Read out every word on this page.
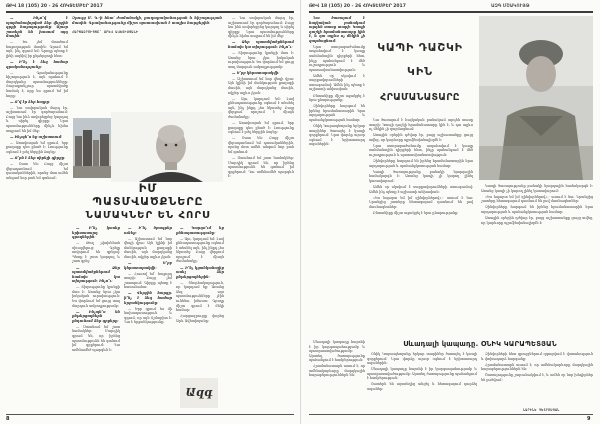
ԹԻՎ 18 (105) 20 - 26 ՀՈԿՏԵՄԲԵՐ 2017

— Ինչո՞վ է պայմանավորված ձեր վերջին գրքի հաջողությունը։ Այսօր շատերն են խոսում այդ մասին։

— Ես չեմ մտածում հաջողության մասին։ Գրում եմ այն, ինչ զգում եմ։ Գրողը պետք է լինի ազնիվ իր ընթերցողի հետ։

— Ի՞նչ է ձեզ համար գրականությունը։

— Գրականությունը հիշողություն է, այն պահում է մարդկանց պատմությունները։ Յուրաքանչյուր պատմվածք նամակ է, որը ես գրում եմ իմ հորը։

— Ո՞վ էր ձեր հայրը։

— Նա սովորական մարդ էր, աշխատում էր գործարանում։ Բայց նա ինձ սովորեցրեց կարդալ և սիրել գիրքը։ Նրա պատմությունները մինչև հիմա ապրում են իմ մեջ։

— Ինչպե՞ս եք աշխատում։

— Առավոտյան եմ գրում, երբ քաղաքը դեռ քնած է։ Լռությունը օգնում է լսել ներքին ձայնը։

— Ո՞րն է ձեր սիրելի գիրքը։

— Շատ են։ Բայց միշտ վերադառնում եմ դասականներին, որոնց մոտ ամեն անգամ նոր բան եմ գտնում։

Զրույց Մ. Կ.-ի հետ՝ ժամանակի, քաղաքականության և հիշողության մասին։ Գրականությունը միշտ պատասխան է տալիս հարցերին։
ՀԱՐՑԱԶՐՈՒՅՑԸ՝ ԱՐԵՎ ԱՎԵՏԻՍՅԱՆԻ
ԻՄ
ՊԱՏՄՎԱԾՔՆԵՐԸ
ՆԱՄԱԿՆԵՐ ԵՆ ՀՈՐՍ

— Ի՞նչ կասեք երիտասարդ գրողներին։

— Թող չվախենան սխալվելուց։ Գրելը սովորում են գրելով։ Պետք է շատ կարդալ և շատ գրել։

— Ձեր պատմվածքներում հաճախ կա տխրություն։ Ինչո՞ւ։

— Տխրությունը կյանքի մաս է։ Առանց նրա չկա իսկական ուրախություն։ Ես փորձում եմ ցույց տալ մարդուն ամբողջությամբ։

— Ինչպե՞ս են ընթերցողներն ընդունում ձեր գրքերը։

— Ստանում եմ շատ նամակներ։ Մարդիկ գրում են, որ իրենց պատմությունն են գտնում իմ գրքերում։ Դա ամենամեծ պարգևն է։

— Ի՞նչ ծրագրեր ունեք։

— Աշխատում եմ նոր վեպի վրա։ Այն կլինի իմ մանկության քաղաքի մասին, այն մարդկանց մասին, ովքեր այլևս չկան։

— Ե՞րբ կհրատարակվի։

— Հուսով եմ՝ հաջորդ տարի։ Բայց չեմ շտապում։ Գիրքը պետք է հասունանա։

— Վերջին հարցը. ի՞նչ է ձեզ համար երջանկությունը։

— Երբ գրում ես մի նախադասություն և զգում, որ այն ճշմարիտ է։ Դա է երջանկությունը։

— Կարդո՞ւմ եք քննադատությունը։

— Այո, կարդում եմ։ Լավ քննադատությունը օգնում է տեսնել այն, ինչ ինքդ չես նկատել։ Բայց վերջում որոշում է միայն ժամանակը։

— Ի՞նչ կցանկանայիք ասել ձեր ընթերցողներին։

— Շնորհակալություն, որ կարդում եք։ Առանց ձեզ այս պատմությունները չէին ունենա իմաստ։ Գրողը միշտ գրում է մեկի համար։

Հարցազրույցը վարեց Արև Ավետիսյանը։

Ազգ

— Նա սովորական մարդ էր, աշխատում էր գործարանում։ Բայց նա ինձ սովորեցրեց կարդալ և սիրել գիրքը։ Նրա պատմությունները մինչև հիմա ապրում են իմ մեջ։

— Ձեր պատմվածքներում հաճախ կա տխրություն։ Ինչո՞ւ։

— Տխրությունը կյանքի մաս է։ Առանց նրա չկա իսկական ուրախություն։ Ես փորձում եմ ցույց տալ մարդուն ամբողջությամբ։

— Ե՞րբ կհրատարակվի։

— Աշխատում եմ նոր վեպի վրա։ Այն կլինի իմ մանկության քաղաքի մասին, այն մարդկանց մասին, ովքեր այլևս չկան։

— Այո, կարդում եմ։ Լավ քննադատությունը օգնում է տեսնել այն, ինչ ինքդ չես նկատել։ Բայց վերջում որոշում է միայն ժամանակը։

— Առավոտյան եմ գրում, երբ քաղաքը դեռ քնած է։ Լռությունը օգնում է լսել ներքին ձայնը։

— Շատ են։ Բայց միշտ վերադառնում եմ դասականներին, որոնց մոտ ամեն անգամ նոր բան եմ գտնում։

— Ստանում եմ շատ նամակներ։ Մարդիկ գրում են, որ իրենց պատմությունն են գտնում իմ գրքերում։ Դա ամենամեծ պարգևն է։

8
ԹԻՎ 18 (105) 20 - 26 ՀՈԿՏԵՄԲԵՐ 2017	ԱԶԳ ՄՇԱԿՈՒՅԹ
ԿԱՊԻ ԴԱՇԿԻ
ԿԻՆ
ՀՐԱՄԱՆԱՏԱՐԸ

Նա ծառայում է հայկական բանակում արդեն տասը տարի։ Կապի դաշկի հրամանատարը կին է, և դա այլևս ոչ մեկին չի զարմացնում։

Առաջին օրերին դժվար էր, բայց աշխատանքը ցույց տվեց, որ կարևորը պրոֆեսիոնալիզմն է։

Նրա ստորաբաժանումը ապահովում է կապը սահմանային դիրքերի հետ, ինչը պահանջում է մեծ ուշադրություն և պատասխանատվություն։

Զինվորները հարգում են իրենց հրամանատարին նրա արդարության և պահանջկոտության համար։

Կապի ծառայությունը բանակի նյարդային համակարգն է։ Առանց կապի չի կարող լինել կառավարում։

Ամեն օր սկսվում է սարքավորումների ստուգումով։ Ամեն ինչ պետք է աշխատի անխափան։

«Ես հպարտ եմ իմ զինվորներով»,- ասում է նա։ Նրանցից շատերը հետագայում դառնում են լավ մասնագետներ։

Ընտանիքը միշտ աջակցել է նրա ընտրությանը։

Կապի ծառայությունը բանակի նյարդային համակարգն է։ Առանց կապի չի կարող լինել կառավարում։

«Ես հպարտ եմ իմ զինվորներով»,- ասում է նա։ Նրանցից շատերը հետագայում դառնում են լավ մասնագետներ։

Զինվորները հարգում են իրենց հրամանատարին նրա արդարության և պահանջկոտության համար։

Առաջին օրերին դժվար էր, բայց աշխատանքը ցույց տվեց, որ կարևորը պրոֆեսիոնալիզմն է։

Նա ծառայում է հայկական բանակում արդեն տասը տարի։ Կապի դաշկի հրամանատարը կին է, և դա այլևս ոչ մեկին չի զարմացնում։

Նրա ստորաբաժանումը ապահովում է կապը սահմանային դիրքերի հետ, ինչը պահանջում է մեծ ուշադրություն և պատասխանատվություն։

Ամեն օր սկսվում է սարքավորումների ստուգումով։ Ամեն ինչ պետք է աշխատի անխափան։

Ընտանիքը միշտ աջակցել է նրա ընտրությանը։

Զինվորները հարգում են իրենց հրամանատարին նրա արդարության և պահանջկոտության համար։

Օնիկ Կարապետյանը երկար տարիներ ծառայել է կապի զորքերում։ Նրա փորձը այսօր օգնում է երիտասարդ սպաներին։

Սևադալի կապադը. ՕՆԻԿ ԿԱՐԱՊԵՏՅԱՆ

Օնիկ Կարապետյանը երկար տարիներ ծառայել է կապի զորքերում։ Նրա փորձը այսօր օգնում է երիտասարդ սպաներին։

Սևադալի կապադը հայտնի է իր կարգապահությամբ և պատրաստվածությամբ։ Այստեղ ծառայությունը պահանջում է համբերություն։

Շատերն են այստեղից անցել և հետագայում դարձել սպաներ։

Զինվորների հետ զրույցներում զգացվում է վստահություն և փոխադարձ հարգանք։

Հրամանատարն ասում է, որ ամենակարևորը մարդկային հարաբերություններն են։

Ծառայությունը շարունակվում է, և ամեն օր նոր խնդիրներ են լուծվում։

Սևադալի կապադը հայտնի է իր կարգապահությամբ և պատրաստվածությամբ։ Այստեղ ծառայությունը պահանջում է համբերություն։

Հրամանատարն ասում է, որ ամենակարևորը մարդկային հարաբերություններն են։

ՆԱՐԻՆԵ ՊԵՏՐՈՍՅԱՆ
9
